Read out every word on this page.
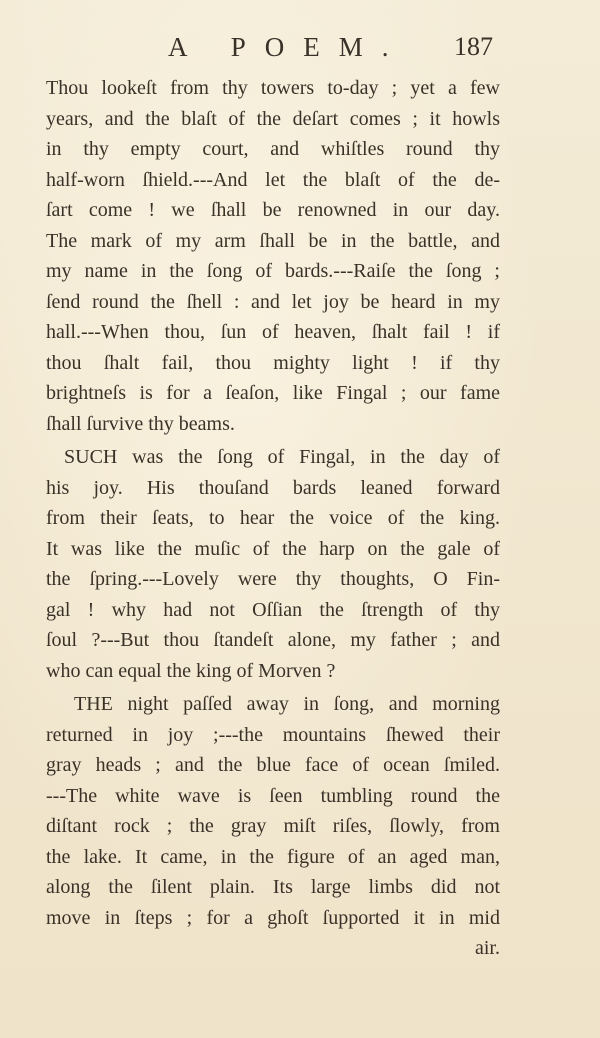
A POEM. 187
Thou lookeſt from thy towers to-day ; yet a few
years, and the blaſt of the deſart comes ; it howls
in thy empty court, and whiſtles round thy
half-worn ſhield.---And let the blaſt of the de-
ſart come ! we ſhall be renowned in our day.
The mark of my arm ſhall be in the battle, and
my name in the ſong of bards.---Raiſe the ſong ;
ſend round the ſhell : and let joy be heard in my
hall.---When thou, ſun of heaven, ſhalt fail ! if
thou ſhalt fail, thou mighty light ! if thy
brightneſs is for a ſeaſon, like Fingal ; our fame
ſhall ſurvive thy beams.
SUCH was the ſong of Fingal, in the day of
his joy. His thouſand bards leaned forward
from their ſeats, to hear the voice of the king.
It was like the muſic of the harp on the gale of
the ſpring.---Lovely were thy thoughts, O Fin-
gal ! why had not Oſſian the ſtrength of thy
ſoul ?---But thou ſtandeſt alone, my father ; and
who can equal the king of Morven ?
THE night paſſed away in ſong, and morning
returned in joy ;---the mountains ſhewed their
gray heads ; and the blue face of ocean ſmiled.
---The white wave is ſeen tumbling round the
diſtant rock ; the gray miſt riſes, ſlowly, from
the lake. It came, in the figure of an aged man,
along the ſilent plain. Its large limbs did not
move in ſteps ; for a ghoſt ſupported it in mid
air.
